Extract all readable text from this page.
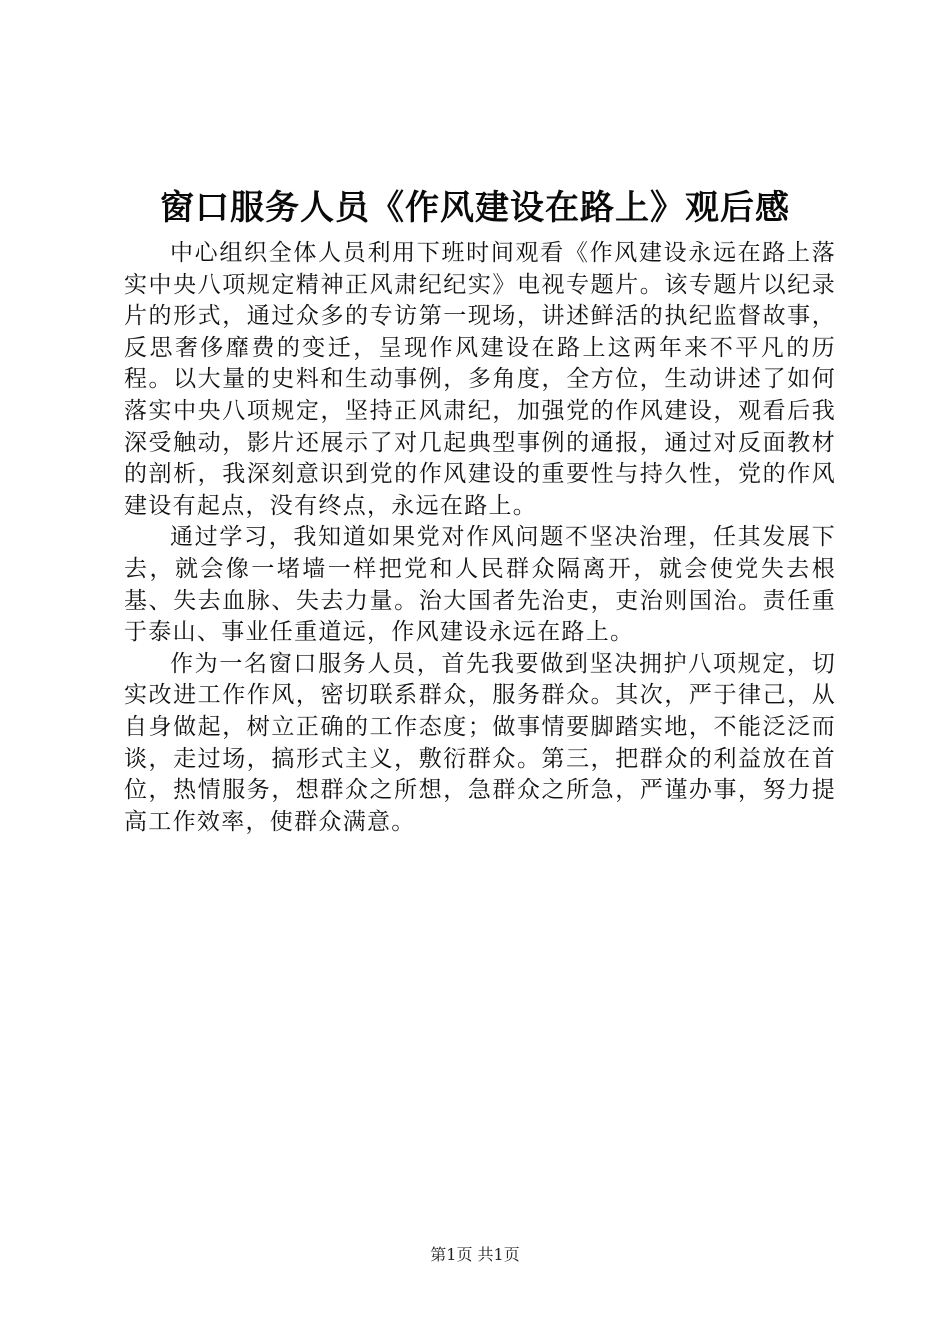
窗口服务人员《作风建设在路上》观后感

中心组织全体人员利用下班时间观看《作风建设永远在路上落实中央八项规定精神正风肃纪纪实》电视专题片。该专题片以纪录片的形式，通过众多的专访第一现场，讲述鲜活的执纪监督故事，反思奢侈靡费的变迁，呈现作风建设在路上这两年来不平凡的历程。以大量的史料和生动事例，多角度，全方位，生动讲述了如何落实中央八项规定，坚持正风肃纪，加强党的作风建设，观看后我深受触动，影片还展示了对几起典型事例的通报，通过对反面教材的剖析，我深刻意识到党的作风建设的重要性与持久性，党的作风建设有起点，没有终点，永远在路上。

通过学习，我知道如果党对作风问题不坚决治理，任其发展下去，就会像一堵墙一样把党和人民群众隔离开，就会使党失去根基、失去血脉、失去力量。治大国者先治吏，吏治则国治。责任重于泰山、事业任重道远，作风建设永远在路上。

作为一名窗口服务人员，首先我要做到坚决拥护八项规定，切实改进工作作风，密切联系群众，服务群众。其次，严于律己，从自身做起，树立正确的工作态度；做事情要脚踏实地，不能泛泛而谈，走过场，搞形式主义，敷衍群众。第三，把群众的利益放在首位，热情服务，想群众之所想，急群众之所急，严谨办事，努力提高工作效率，使群众满意。

第1页 共1页
